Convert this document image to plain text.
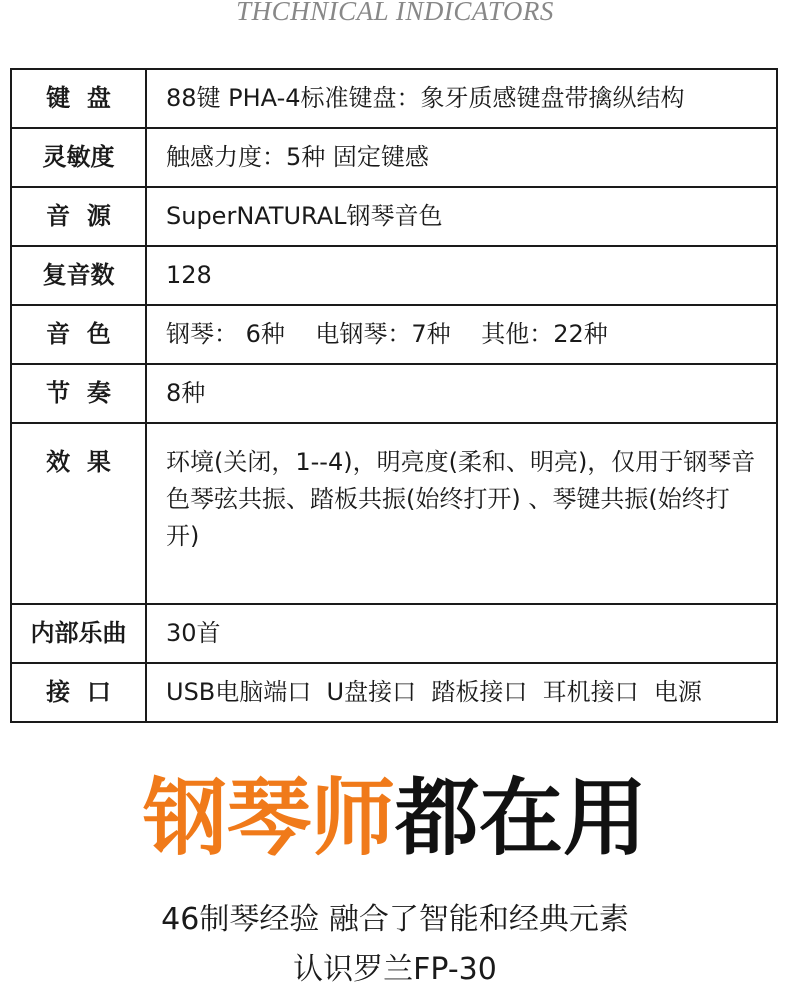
THCHNICAL INDICATORS
键  盘	88键 PHA-4标准键盘：象牙质感键盘带擒纵结构
灵敏度	触感力度：5种 固定键感
音  源	SuperNATURAL钢琴音色
复音数	128
音  色	钢琴： 6种    电钢琴：7种    其他：22种
节  奏	8种
效  果	环境(关闭，1--4)，明亮度(柔和、明亮)，仅用于钢琴音色琴弦共振、踏板共振(始终打开) 、琴键共振(始终打开)
内部乐曲	30首
接  口	USB电脑端口  U盘接口  踏板接口  耳机接口  电源
钢琴师都在用
46制琴经验 融合了智能和经典元素
认识罗兰FP-30
